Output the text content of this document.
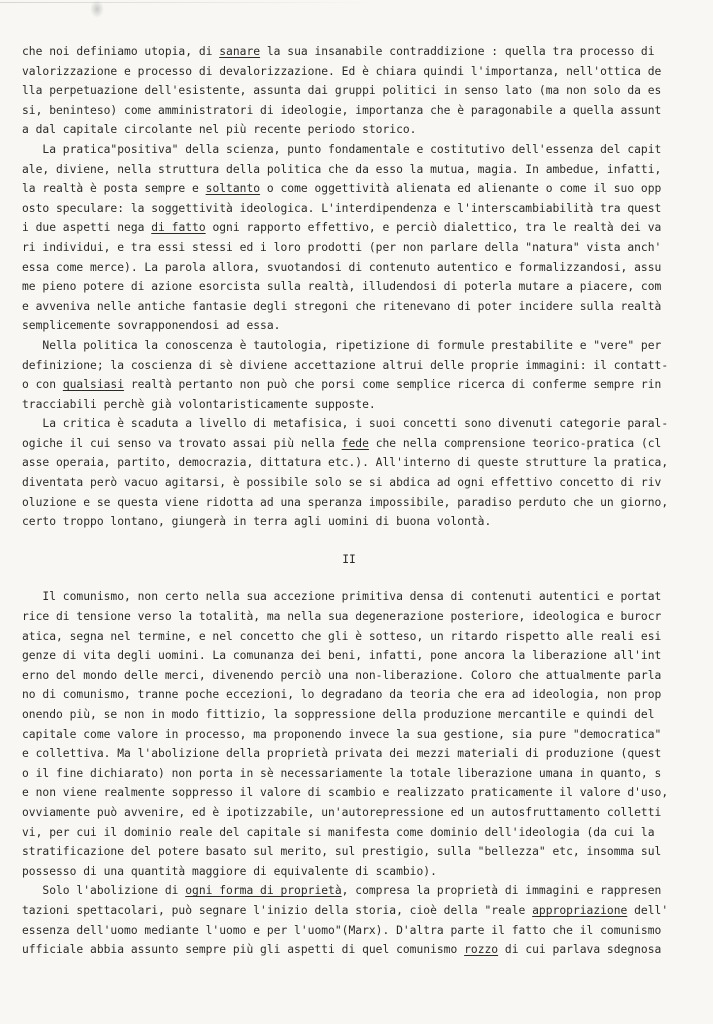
che noi definiamo utopia, di sanare la sua insanabile contraddizione : quella tra processo di
valorizzazione e processo di devalorizzazione. Ed è chiara quindi l'importanza, nell'ottica de
lla perpetuazione dell'esistente, assunta dai gruppi politici in senso lato (ma non solo da es
si, beninteso) come amministratori di ideologie, importanza che è paragonabile a quella assunt
a dal capitale circolante nel più recente periodo storico.
La pratica"positiva" della scienza, punto fondamentale e costitutivo dell'essenza del capit
ale, diviene, nella struttura della politica che da esso la mutua, magia. In ambedue, infatti,
la realtà è posta sempre e soltanto o come oggettività alienata ed alienante o come il suo opp
osto speculare: la soggettività ideologica. L'interdipendenza e l'interscambiabilità tra quest
i due aspetti nega di fatto ogni rapporto effettivo, e perciò dialettico, tra le realtà dei va
ri individui, e tra essi stessi ed i loro prodotti (per non parlare della "natura" vista anch'
essa come merce). La parola allora, svuotandosi di contenuto autentico e formalizzandosi, assu
me pieno potere di azione esorcista sulla realtà, illudendosi di poterla mutare a piacere, com
e avveniva nelle antiche fantasie degli stregoni che ritenevano di poter incidere sulla realtà
semplicemente sovrapponendosi ad essa.
Nella politica la conoscenza è tautologia, ripetizione di formule prestabilite e "vere" per
definizione; la coscienza di sè diviene accettazione altrui delle proprie immagini: il contatt-
o con qualsiasi realtà pertanto non può che porsi come semplice ricerca di conferme sempre rin
tracciabili perchè già volontaristicamente supposte.
La critica è scaduta a livello di metafisica, i suoi concetti sono divenuti categorie paral-
ogiche il cui senso va trovato assai più nella fede che nella comprensione teorico-pratica (cl
asse operaia, partito, democrazia, dittatura etc.). All'interno di queste strutture la pratica,
diventata però vacuo agitarsi, è possibile solo se si abdica ad ogni effettivo concetto di riv
oluzione e se questa viene ridotta ad una speranza impossibile, paradiso perduto che un giorno,
certo troppo lontano, giungerà in terra agli uomini di buona volontà.
II
Il comunismo, non certo nella sua accezione primitiva densa di contenuti autentici e portat
rice di tensione verso la totalità, ma nella sua degenerazione posteriore, ideologica e burocr
atica, segna nel termine, e nel concetto che gli è sotteso, un ritardo rispetto alle reali esi
genze di vita degli uomini. La comunanza dei beni, infatti, pone ancora la liberazione all'int
erno del mondo delle merci, divenendo perciò una non-liberazione. Coloro che attualmente parla
no di comunismo, tranne poche eccezioni, lo degradano da teoria che era ad ideologia, non prop
onendo più, se non in modo fittizio, la soppressione della produzione mercantile e quindi del
capitale come valore in processo, ma proponendo invece la sua gestione, sia pure "democratica"
e collettiva. Ma l'abolizione della proprietà privata dei mezzi materiali di produzione (quest
o il fine dichiarato) non porta in sè necessariamente la totale liberazione umana in quanto, s
e non viene realmente soppresso il valore di scambio e realizzato praticamente il valore d'uso,
ovviamente può avvenire, ed è ipotizzabile, un'autorepressione ed un autosfruttamento colletti
vi, per cui il dominio reale del capitale si manifesta come dominio dell'ideologia (da cui la
stratificazione del potere basato sul merito, sul prestigio, sulla "bellezza" etc, insomma sul
possesso di una quantità maggiore di equivalente di scambio).
Solo l'abolizione di ogni forma di proprietà, compresa la proprietà di immagini e rappresen
tazioni spettacolari, può segnare l'inizio della storia, cioè della "reale appropriazione dell'
essenza dell'uomo mediante l'uomo e per l'uomo"(Marx). D'altra parte il fatto che il comunismo
ufficiale abbia assunto sempre più gli aspetti di quel comunismo rozzo di cui parlava sdegnosa
